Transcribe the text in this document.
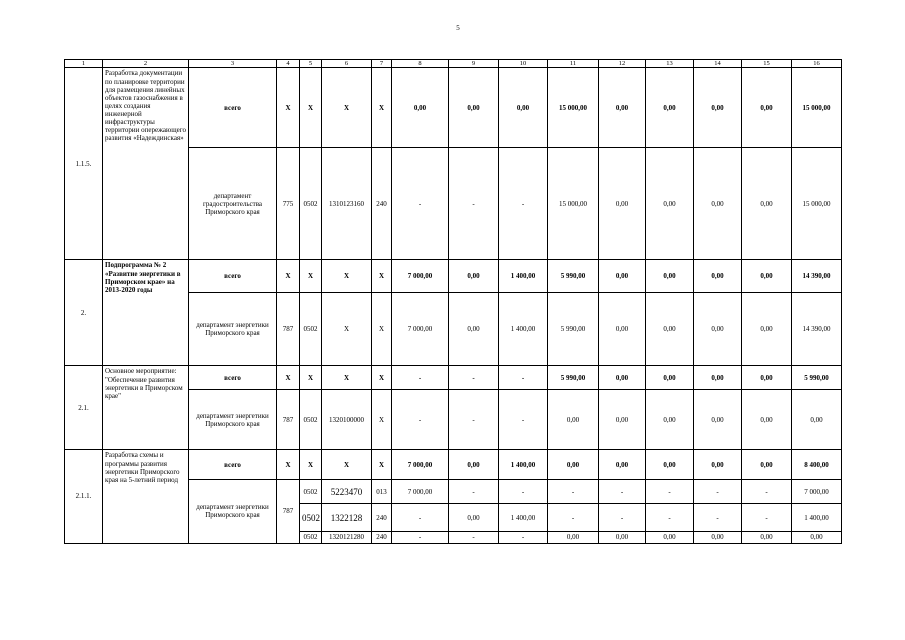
5
1	2	3	4	5	6	7	8	9	10	11	12	13	14	15	16
1.1.5.	Разработка документации по планировке территории для размещения линейных объектов газоснабжения в целях создания инженерной инфраструктуры территории опережающего развития «Надеждинская»	всего	X	X	X	X	0,00	0,00	0,00	15 000,00	0,00	0,00	0,00	0,00	15 000,00
		департамент градостроительства Приморского края	775	0502	1310123160	240	-	-	-	15 000,00	0,00	0,00	0,00	0,00	15 000,00
2.	Подпрограмма № 2 «Развитие энергетики в Приморском крае» на 2013-2020 годы	всего	X	X	X	X	7 000,00	0,00	1 400,00	5 990,00	0,00	0,00	0,00	0,00	14 390,00
		департамент энергетики Приморского края	787	0502	X	X	7 000,00	0,00	1 400,00	5 990,00	0,00	0,00	0,00	0,00	14 390,00
2.1.	Основное мероприятие: "Обеспечение развития энергетики в Приморском крае"	всего	X	X	X	X	-	-	-	5 990,00	0,00	0,00	0,00	0,00	5 990,00
		департамент энергетики Приморского края	787	0502	1320100000	X	-	-	-	0,00	0,00	0,00	0,00	0,00	0,00
2.1.1.	Разработка схемы и программы развития энергетики Приморского края на 5-летний период	всего	X	X	X	X	7 000,00	0,00	1 400,00	0,00	0,00	0,00	0,00	0,00	8 400,00
		департамент энергетики Приморского края	787	0502	5223470	013	7 000,00	-	-	-	-	-	-	-	7 000,00
				0502	1322128	240	-	0,00	1 400,00	-	-	-	-	-	1 400,00
				0502	1320121280	240	-	-	-	0,00	0,00	0,00	0,00	0,00	0,00
